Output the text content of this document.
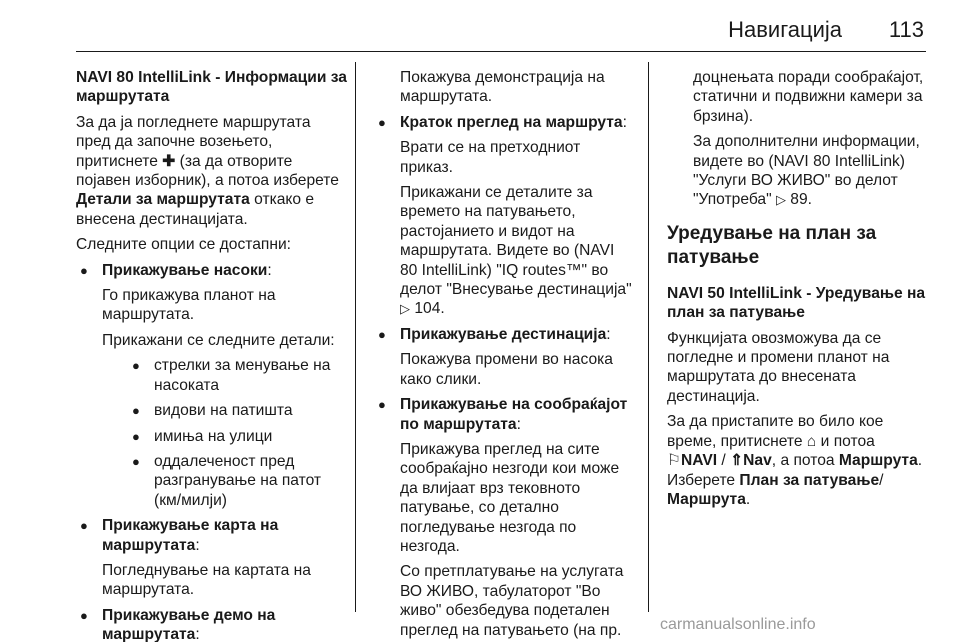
Навигација 113

NAVI 80 IntelliLink - Информации за маршрутата

За да ја погледнете маршрутата пред да започне возењето, притиснете ✚ (за да отворите појавен изборник), а потоа изберете Детали за маршрутата откако е внесена дестинацијата.

Следните опции се достапни:

● Прикажување насоки:

Го прикажува планот на маршрутата.

Прикажани се следните детали:

● стрелки за менување на насоката
● видови на патишта
● имиња на улици
● оддалеченост пред разгранување на патот (км/милји)
● Прикажување карта на маршрутата:

Погледнување на картата на маршрутата.

● Прикажување демо на маршрутата:

Покажува демонстрација на маршрутата.

● Краток преглед на маршрута:

Врати се на претходниот приказ.

Прикажани се деталите за времето на патувањето, растојанието и видот на маршрутата. Видете во (NAVI 80 IntelliLink) "IQ routes™" во делот "Внесување дестинација" ▷ 104.

● Прикажување дестинација:

Покажува промени во насока како слики.

● Прикажување на сообраќајот по маршрутата:

Прикажува преглед на сите сообраќајно незгоди кои може да влијаат врз тековното патување, со детално погледување незгода по незгода.

Со претплатување на услугата ВО ЖИВО, табулаторот "Во живо" обезбедува подетален преглед на патувањето (на пр.

доцнењата поради сообраќајот, статични и подвижни камери за брзина).

За дополнителни информации, видете во (NAVI 80 IntelliLink) "Услуги ВО ЖИВО" во делот "Употреба" ▷ 89.

Уредување на план за патување

NAVI 50 IntelliLink - Уредување на план за патување

Функцијата овозможува да се погледне и промени планот на маршрутата до внесената дестинација.

За да пристапите во било кое време, притиснете ⌂ и потоа
⚐NAVI / ⇑Nav, а потоа Маршрута. Изберете План за патување/
Маршрута.

carmanualsonline.info
